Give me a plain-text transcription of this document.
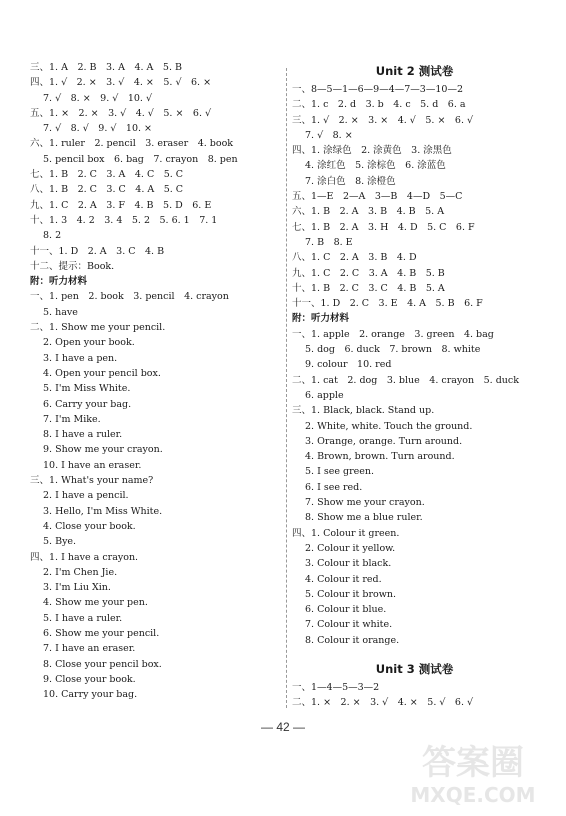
三、1. A　2. B　3. A　4. A　5. B
四、1. √　2. ×　3. √　4. ×　5. √　6. ×
7. √　8. ×　9. √　10. √
五、1. ×　2. ×　3. √　4. √　5. ×　6. √
7. √　8. √　9. √　10. ×
六、1. ruler　2. pencil　3. eraser　4. book
5. pencil box　6. bag　7. crayon　8. pen
七、1. B　2. C　3. A　4. C　5. C
八、1. B　2. C　3. C　4. A　5. C
九、1. C　2. A　3. F　4. B　5. D　6. E
十、1. 3　4. 2　3. 4　5. 2　5. 6. 1　7. 1
8. 2
十一、1. D　2. A　3. C　4. B
十二、提示：Book.
附：听力材料
一、1. pen　2. book　3. pencil　4. crayon
5. have
二、1. Show me your pencil.
2. Open your book.
3. I have a pen.
4. Open your pencil box.
5. I'm Miss White.
6. Carry your bag.
7. I'm Mike.
8. I have a ruler.
9. Show me your crayon.
10. I have an eraser.
三、1. What's your name?
2. I have a pencil.
3. Hello, I'm Miss White.
4. Close your book.
5. Bye.
四、1. I have a crayon.
2. I'm Chen Jie.
3. I'm Liu Xin.
4. Show me your pen.
5. I have a ruler.
6. Show me your pencil.
7. I have an eraser.
8. Close your pencil box.
9. Close your book.
10. Carry your bag.
Unit 2 测试卷
一、8—5—1—6—9—4—7—3—10—2
二、1. c　2. d　3. b　4. c　5. d　6. a
三、1. √　2. ×　3. ×　4. √　5. ×　6. √
7. √　8. ×
四、1. 涂绿色　2. 涂黄色　3. 涂黑色
4. 涂红色　5. 涂棕色　6. 涂蓝色
7. 涂白色　8. 涂橙色
五、1—E　2—A　3—B　4—D　5—C
六、1. B　2. A　3. B　4. B　5. A
七、1. B　2. A　3. H　4. D　5. C　6. F
7. B　8. E
八、1. C　2. A　3. B　4. D
九、1. C　2. C　3. A　4. B　5. B
十、1. B　2. C　3. C　4. B　5. A
十一、1. D　2. C　3. E　4. A　5. B　6. F
附：听力材料
一、1. apple　2. orange　3. green　4. bag
5. dog　6. duck　7. brown　8. white
9. colour　10. red
二、1. cat　2. dog　3. blue　4. crayon　5. duck
6. apple
三、1. Black, black. Stand up.
2. White, white. Touch the ground.
3. Orange, orange. Turn around.
4. Brown, brown. Turn around.
5. I see green.
6. I see red.
7. Show me your crayon.
8. Show me a blue ruler.
四、1. Colour it green.
2. Colour it yellow.
3. Colour it black.
4. Colour it red.
5. Colour it brown.
6. Colour it blue.
7. Colour it white.
8. Colour it orange.
Unit 3 测试卷
一、1—4—5—3—2
二、1. ×　2. ×　3. √　4. ×　5. √　6. √
— 42 —
答案圈
MXQE.COM
